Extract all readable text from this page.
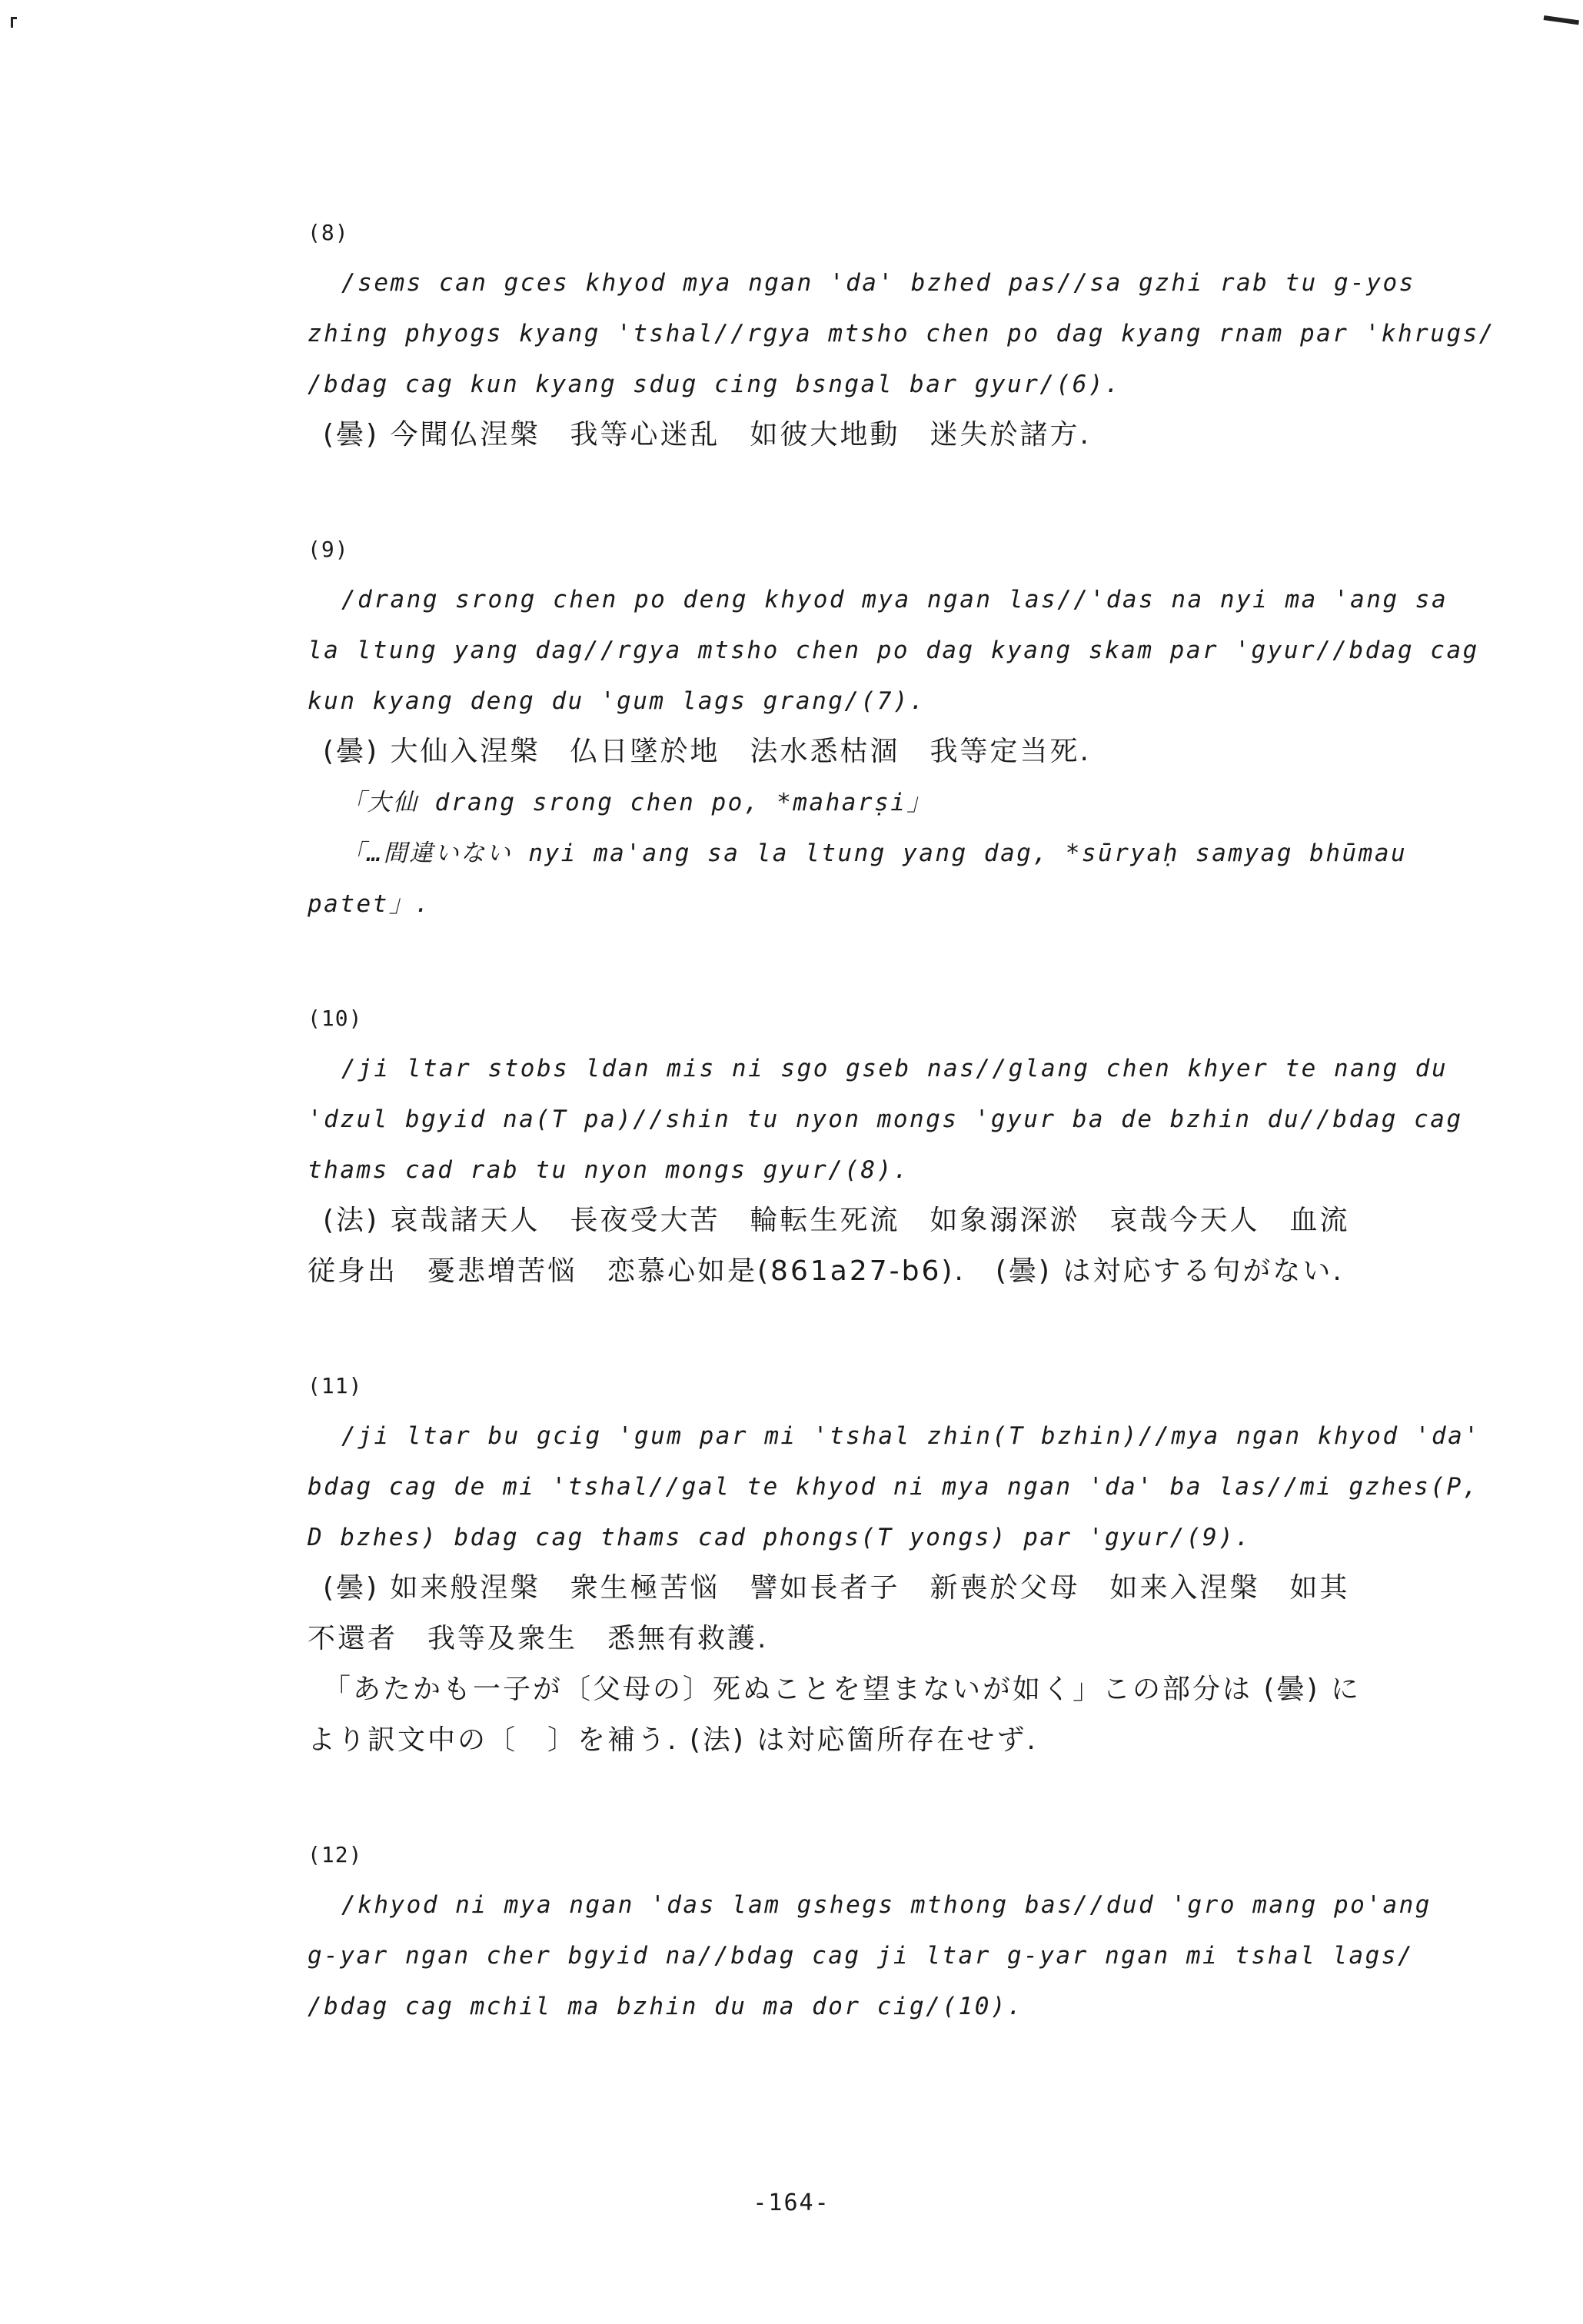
(8)
/sems can gces khyod mya ngan 'da' bzhed pas//sa gzhi rab tu g-yos
zhing phyogs kyang 'tshal//rgya mtsho chen po dag kyang rnam par 'khrugs/
/bdag cag kun kyang sdug cing bsngal bar gyur/(6).
(曇) 今聞仏涅槃　我等心迷乱　如彼大地動　迷失於諸方.
(9)
/drang srong chen po deng khyod mya ngan las//'das na nyi ma 'ang sa
la ltung yang dag//rgya mtsho chen po dag kyang skam par 'gyur//bdag cag
kun kyang deng du 'gum lags grang/(7).
(曇) 大仙入涅槃　仏日墜於地　法水悉枯涸　我等定当死.
「大仙 drang srong chen po, *maharṣi」
「…間違いない nyi ma'ang sa la ltung yang dag, *sūryaḥ samyag bhūmau
patet」.
(10)
/ji ltar stobs ldan mis ni sgo gseb nas//glang chen khyer te nang du
'dzul bgyid na(T pa)//shin tu nyon mongs 'gyur ba de bzhin du//bdag cag
thams cad rab tu nyon mongs gyur/(8).
(法) 哀哉諸天人　長夜受大苦　輪転生死流　如象溺深淤　哀哉今天人　血流
従身出　憂悲増苦悩　恋慕心如是(861a27-b6).　(曇) は対応する句がない.
(11)
/ji ltar bu gcig 'gum par mi 'tshal zhin(T bzhin)//mya ngan khyod 'da'
bdag cag de mi 'tshal//gal te khyod ni mya ngan 'da' ba las//mi gzhes(P,
D bzhes) bdag cag thams cad phongs(T yongs) par 'gyur/(9).
(曇) 如来般涅槃　衆生極苦悩　譬如長者子　新喪於父母　如来入涅槃　如其
不還者　我等及衆生　悉無有救護.
「あたかも一子が〔父母の〕死ぬことを望まないが如く」この部分は (曇) に
より訳文中の〔　〕を補う. (法) は対応箇所存在せず.
(12)
/khyod ni mya ngan 'das lam gshegs mthong bas//dud 'gro mang po'ang
g-yar ngan cher bgyid na//bdag cag ji ltar g-yar ngan mi tshal lags/
/bdag cag mchil ma bzhin du ma dor cig/(10).
-164-
